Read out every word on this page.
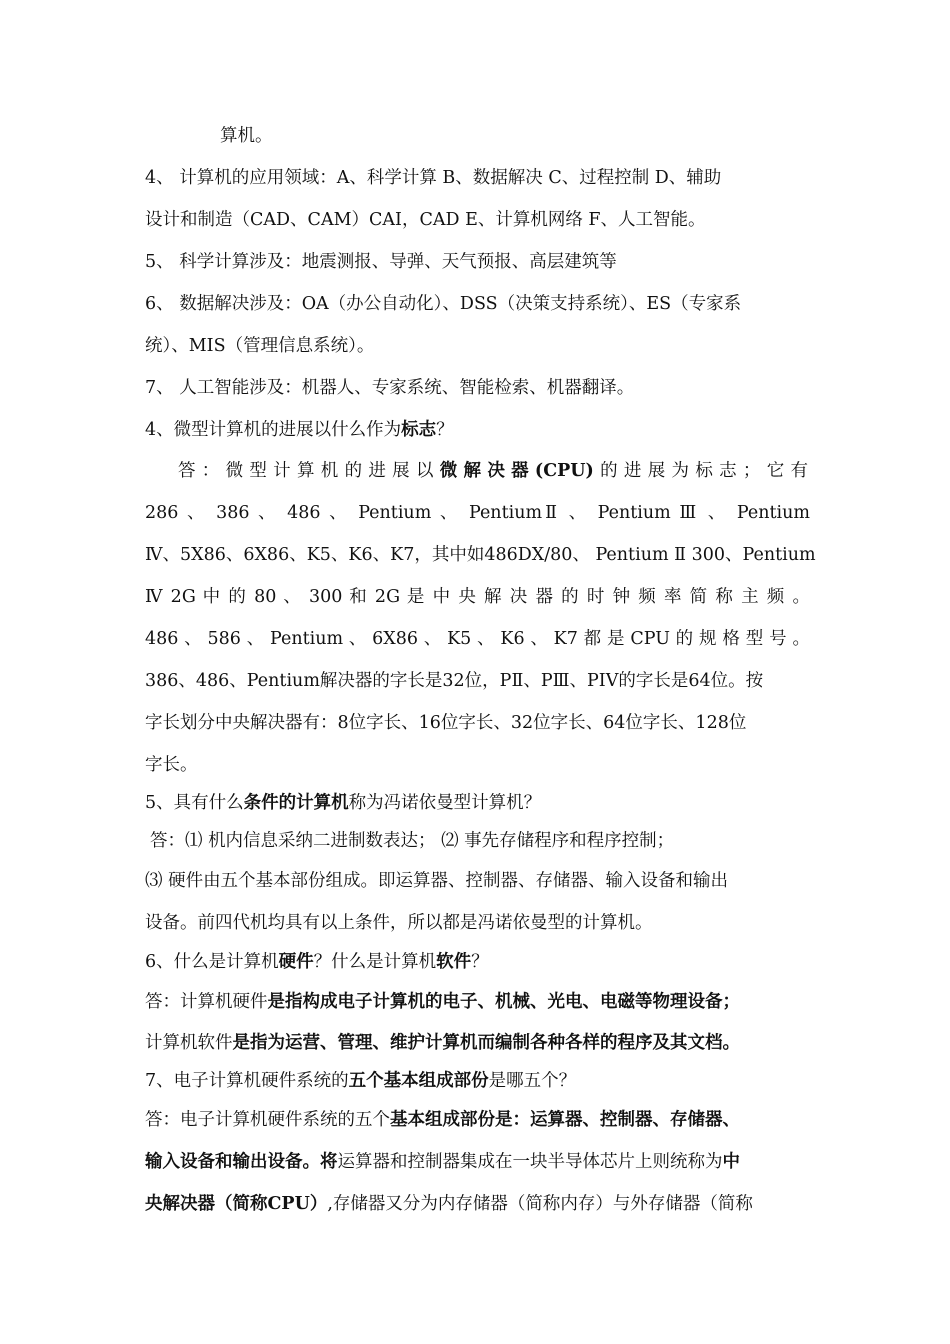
算机。
4、 计算机的应用领域：A、科学计算 B、数据解决 C、过程控制 D、辅助
设计和制造（CAD、CAM）CAI，CAD E、计算机网络 F、人工智能。
5、 科学计算涉及：地震测报、导弹、天气预报、高层建筑等
6、 数据解决涉及：OA（办公自动化）、DSS（决策支持系统）、ES（专家系
统）、MIS（管理信息系统）。
7、 人工智能涉及：机器人、专家系统、智能检索、机器翻译。
4、微型计算机的进展以什么作为标志？
答：微型计算机的进展以微解决器(CPU)的进展为标志；它有
286 、 386 、 486 、 Pentium 、 PentiumⅡ 、 Pentium Ⅲ 、 Pentium
Ⅳ、5X86、6X86、K5、K6、K7，其中如486DX/80、 Pentium Ⅱ 300、Pentium
Ⅳ 2G 中 的 80 、 300 和 2G 是 中 央 解 决 器 的 时 钟 频 率 简 称 主 频 。
486 、 586 、 Pentium 、 6X86 、 K5 、 K6 、 K7 都 是 CPU 的 规 格 型 号 。
386、486、Pentium解决器的字长是32位，PⅡ、PⅢ、PIV的字长是64位。按
字长划分中央解决器有：8位字长、16位字长、32位字长、64位字长、128位
字长。
5、具有什么条件的计算机称为冯诺依曼型计算机？
答：⑴ 机内信息采纳二进制数表达； ⑵ 事先存储程序和程序控制；
⑶ 硬件由五个基本部份组成。即运算器、控制器、存储器、输入设备和输出
设备。前四代机均具有以上条件，所以都是冯诺依曼型的计算机。
6、什么是计算机硬件？什么是计算机软件？
答：计算机硬件是指构成电子计算机的电子、机械、光电、电磁等物理设备；
计算机软件是指为运营、管理、维护计算机而编制各种各样的程序及其文档。
7、电子计算机硬件系统的五个基本组成部份是哪五个？
答：电子计算机硬件系统的五个基本组成部份是：运算器、控制器、存储器、
输入设备和输出设备。将运算器和控制器集成在一块半导体芯片上则统称为中
央解决器（简称CPU）,存储器又分为内存储器（简称内存）与外存储器（简称
